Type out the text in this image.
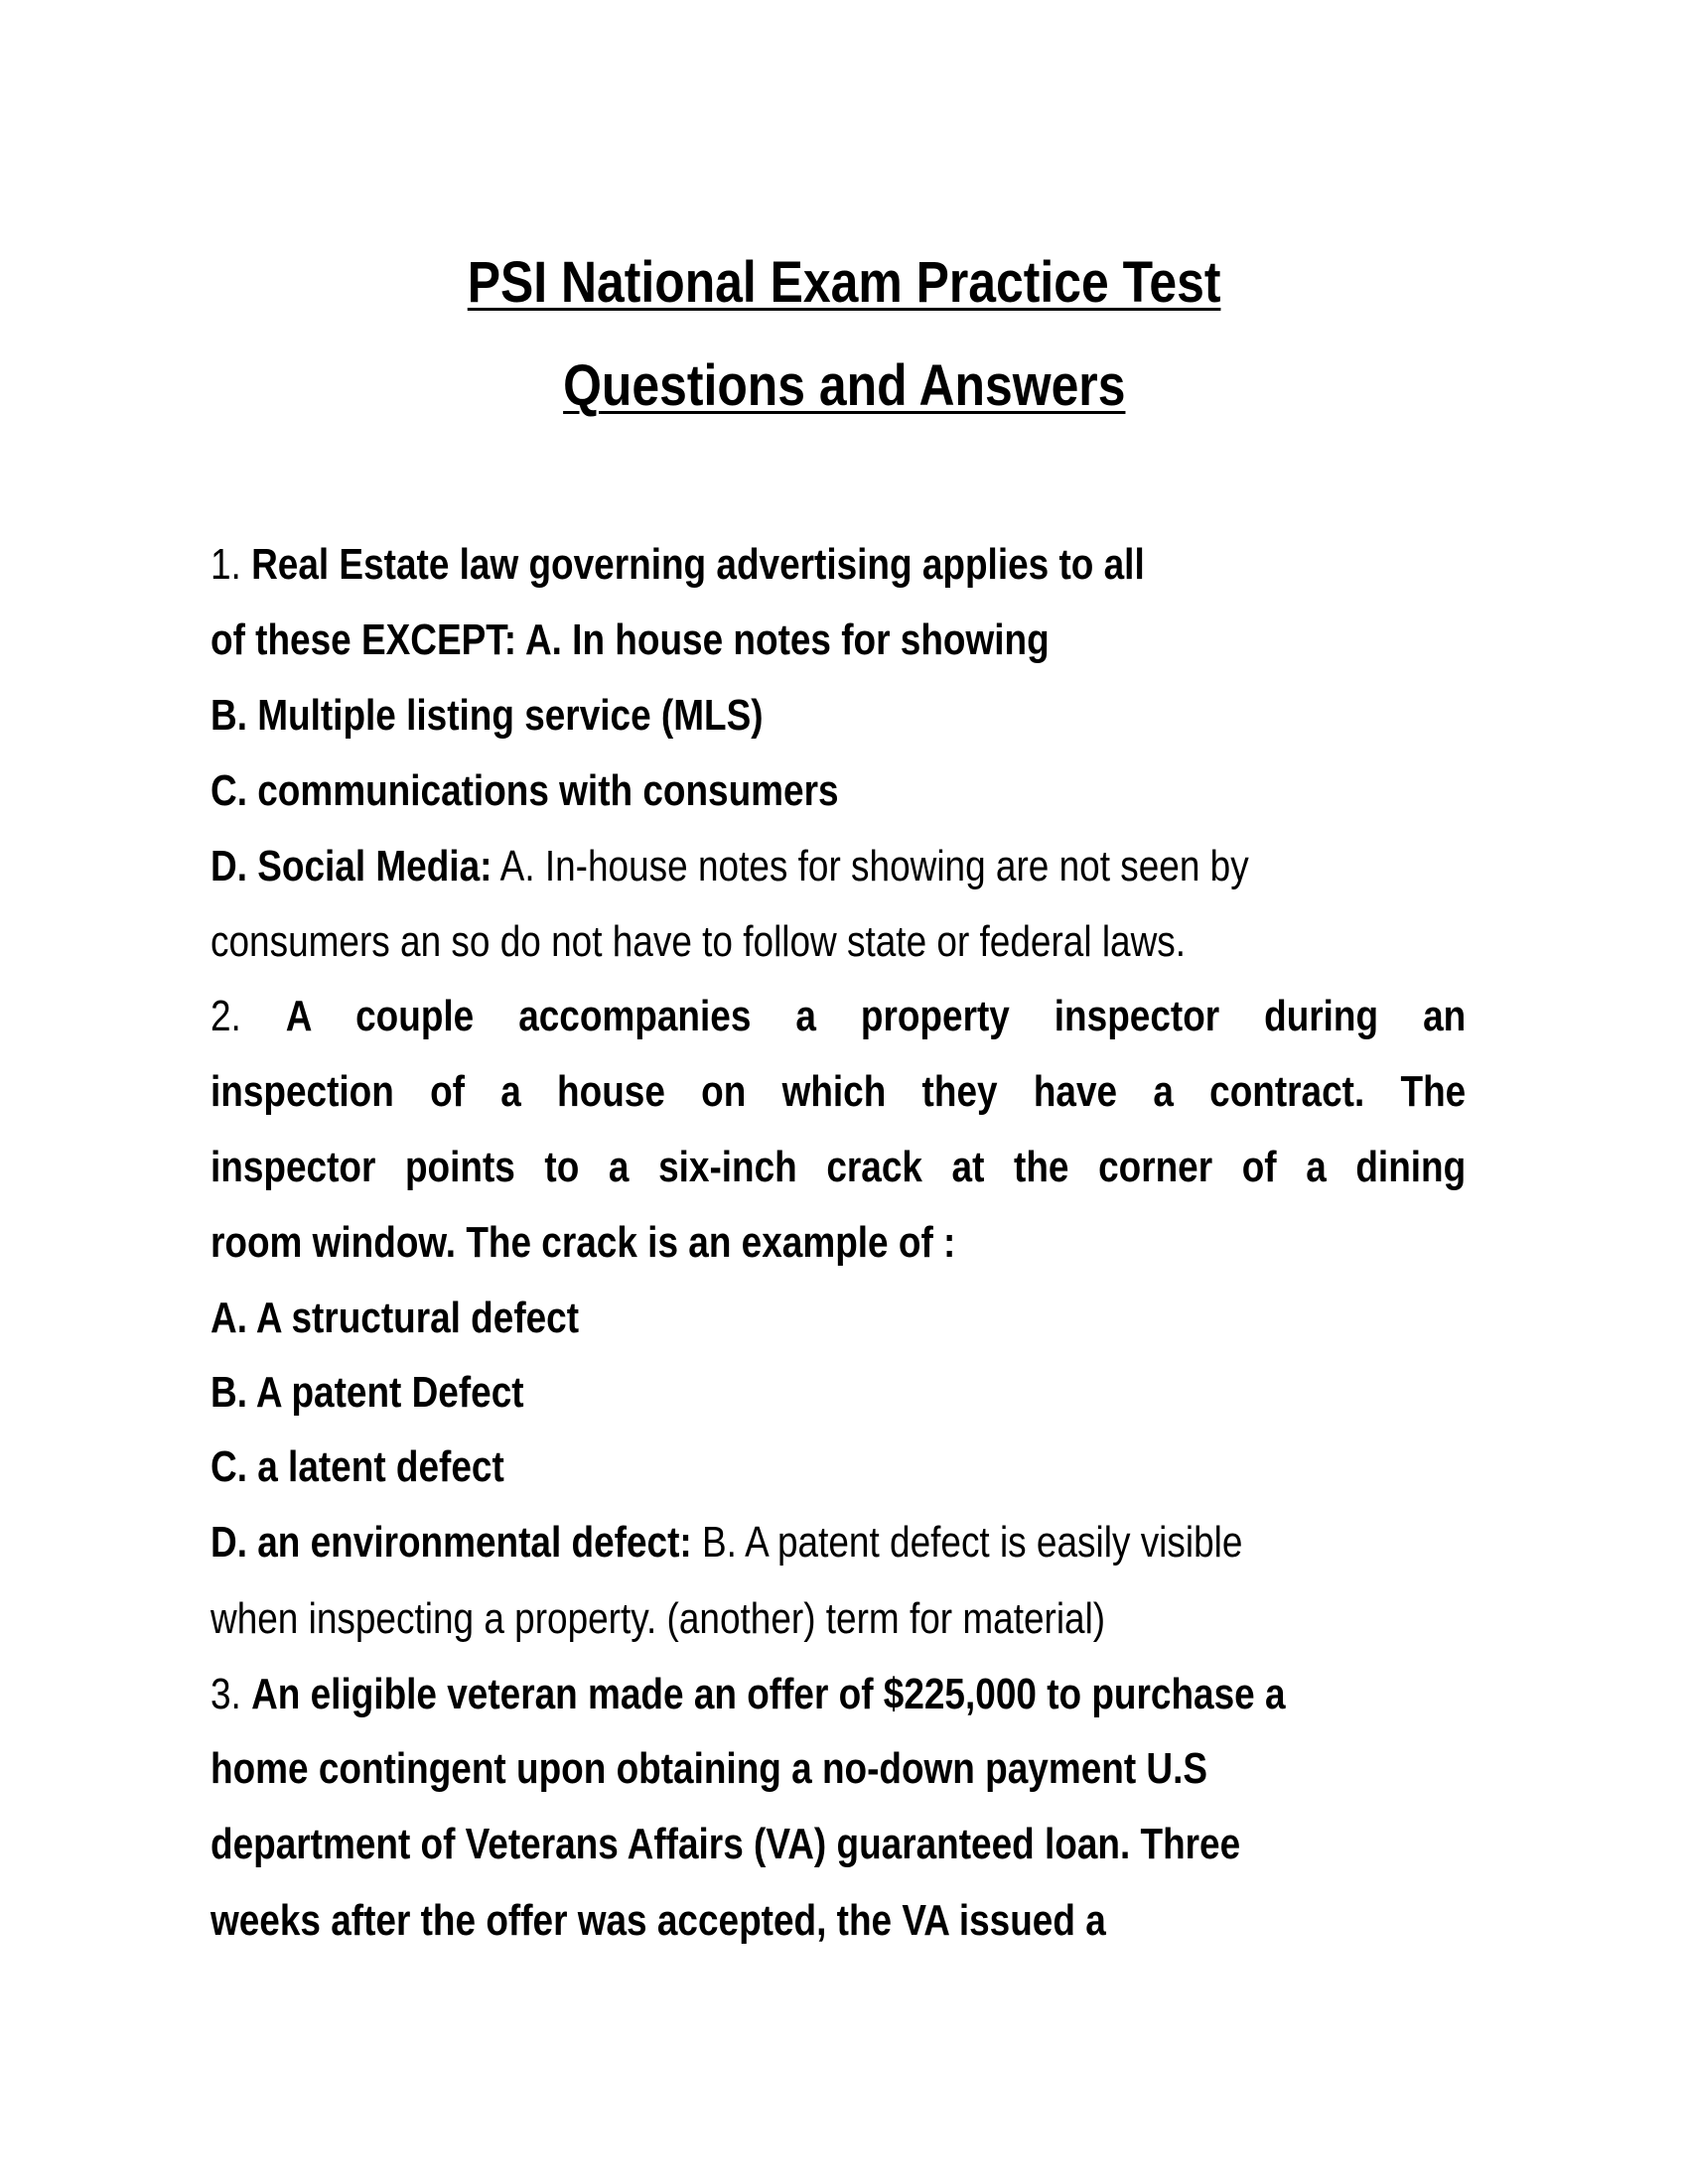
PSI National Exam Practice Test
Questions and Answers
1. Real Estate law governing advertising applies to all
of these EXCEPT: A. In house notes for showing
B. Multiple listing service (MLS)
C. communications with consumers
D. Social Media: A. In-house notes for showing are not seen by
consumers an so do not have to follow state or federal laws.
2. A couple accompanies a property inspector during an
inspection of a house on which they have a contract. The
inspector points to a six-inch crack at the corner of a dining
room window. The crack is an example of :
A. A structural defect
B. A patent Defect
C. a latent defect
D. an environmental defect: B. A patent defect is easily visible
when inspecting a property. (another) term for material)
3. An eligible veteran made an offer of $225,000 to purchase a
home contingent upon obtaining a no-down payment U.S
department of Veterans Affairs (VA) guaranteed loan. Three
weeks after the offer was accepted, the VA issued a
